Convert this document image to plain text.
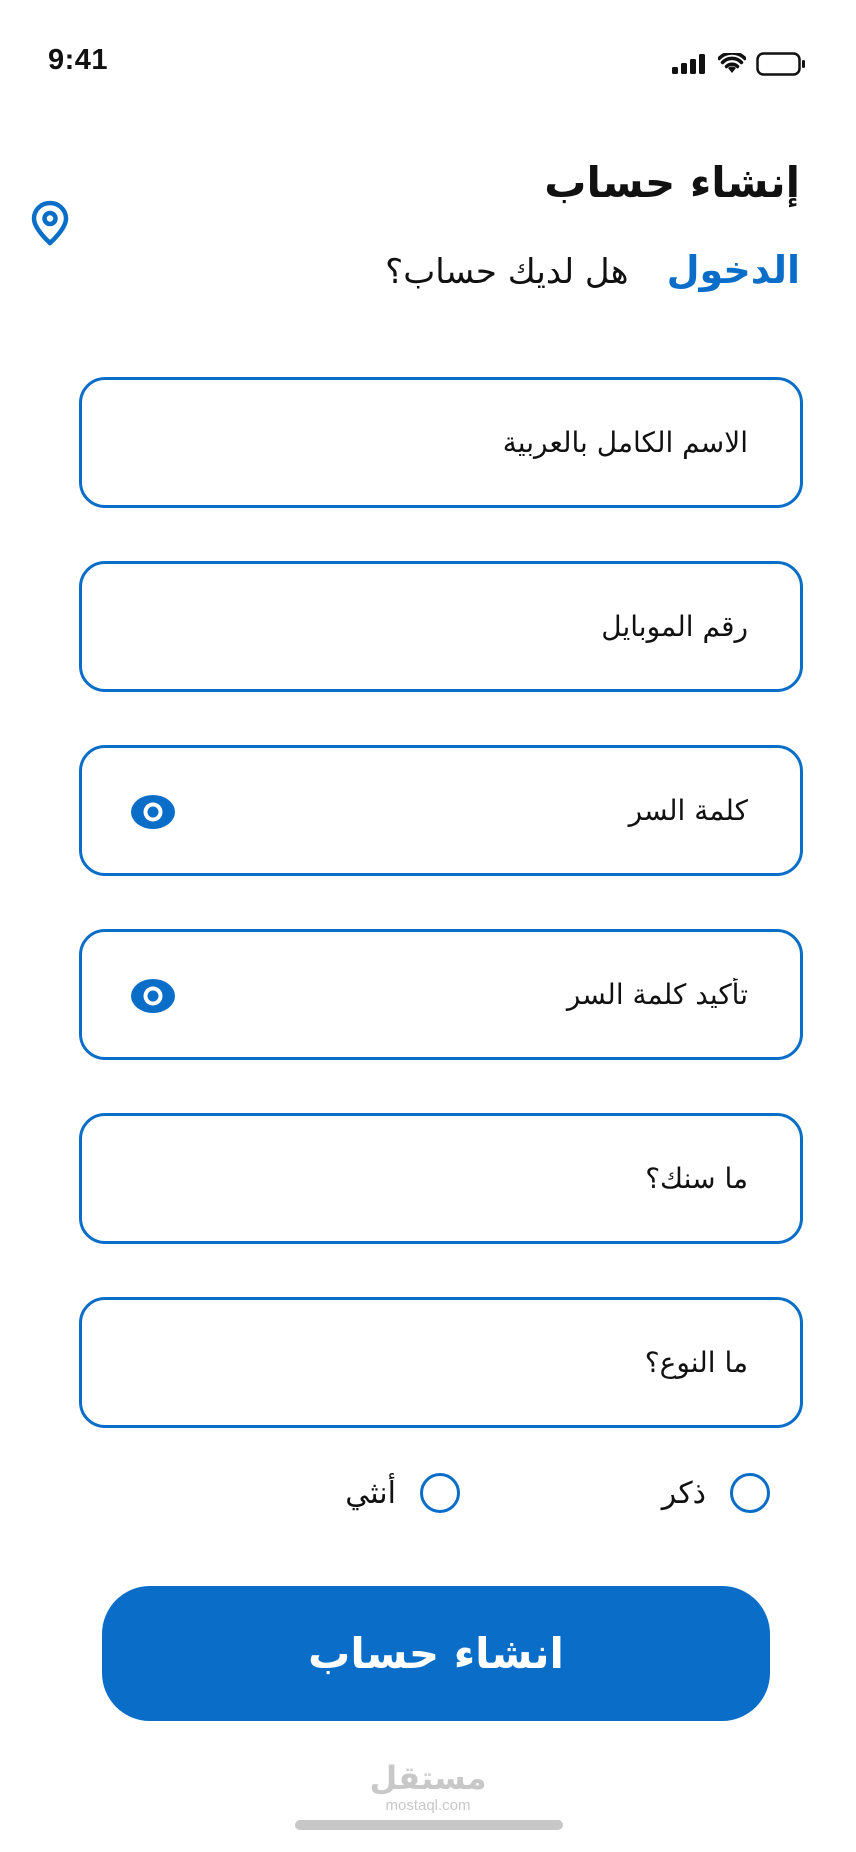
9:41
إنشاء حساب
هل لديك حساب؟ الدخول
الاسم الكامل بالعربية
رقم الموبايل
ما سنك؟
ما النوع؟
ذكر
أنثي
انشاء حساب
مستقل
mostaql.com
